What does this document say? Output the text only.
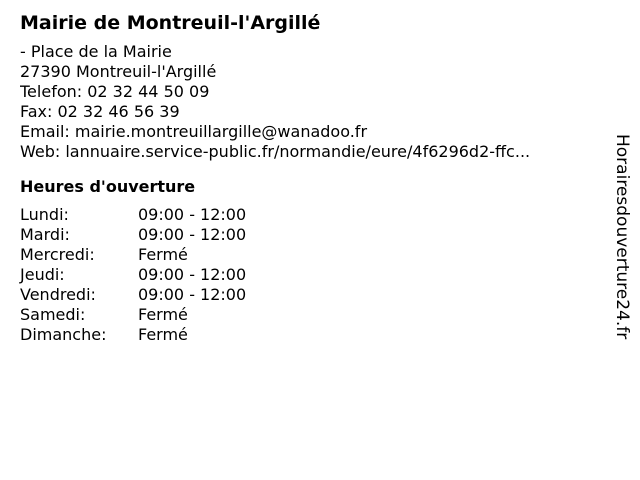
Mairie de Montreuil-l'Argillé
- Place de la Mairie
27390 Montreuil-l'Argillé
Telefon: 02 32 44 50 09
Fax: 02 32 46 56 39
Email: mairie.montreuillargille@wanadoo.fr
Web: lannuaire.service-public.fr/normandie/eure/4f6296d2-ffc...
Heures d'ouverture
Lundi:	09:00 - 12:00
Mardi:	09:00 - 12:00
Mercredi:	Fermé
Jeudi:	09:00 - 12:00
Vendredi:	09:00 - 12:00
Samedi:	Fermé
Dimanche:	Fermé	Horairesdouverture24.fr
